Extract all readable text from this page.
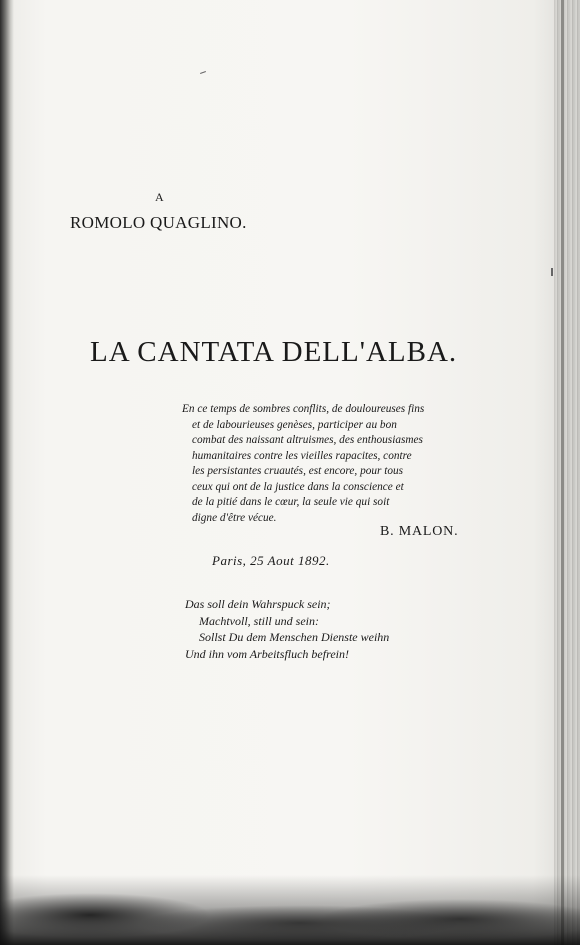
A
ROMOLO QUAGLINO.
LA CANTATA DELL'ALBA.
En ce temps de sombres conflits, de douloureuses fins
et de labourieuses genèses, participer au bon
combat des naissant altruismes, des enthousiasmes
humanitaires contre les vieilles rapacites, contre
les persistantes cruautés, est encore, pour tous
ceux qui ont de la justice dans la conscience et
de la pitié dans le cœur, la seule vie qui soit
digne d'être vécue.
B. MALON.
Paris, 25 Aout 1892.
Das soll dein Wahrspuck sein;
Machtvoll, still und sein:
Sollst Du dem Menschen Dienste weihn
Und ihn vom Arbeitsfluch befrein!
